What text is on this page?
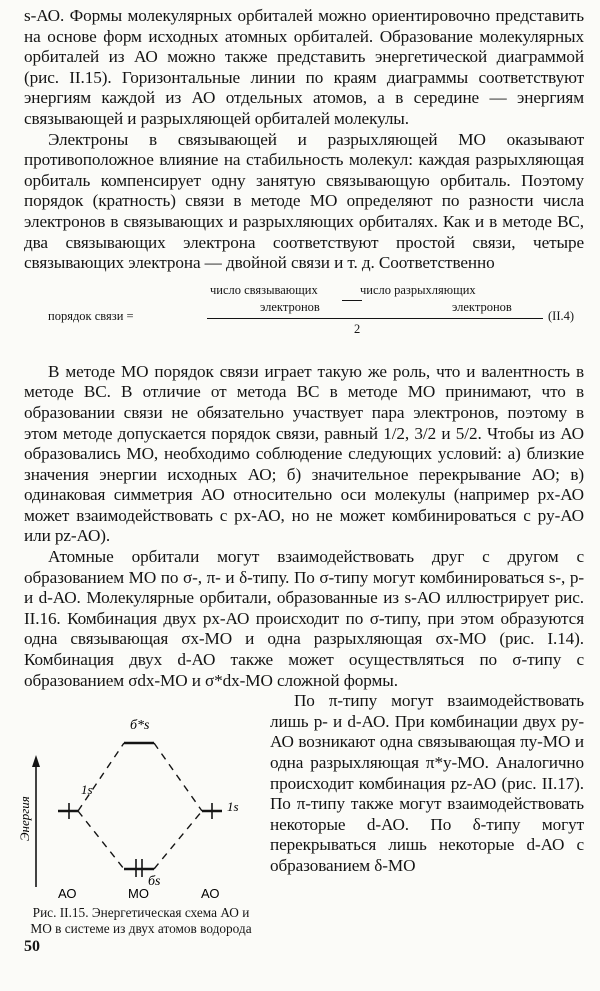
s-АО. Формы молекулярных орбиталей можно ориентировочно представить на основе форм исходных атомных орбиталей. Образование молекулярных орбиталей из АО можно также представить энергетической диаграммой (рис. II.15). Горизонтальные линии по краям диаграммы соответствуют энергиям каждой из АО отдельных атомов, а в середине — энергиям связывающей и разрыхляющей орбиталей молекулы.

Электроны в связывающей и разрыхляющей МО оказывают противоположное влияние на стабильность молекул: каждая разрыхляющая орбиталь компенсирует одну занятую связывающую орбиталь. Поэтому порядок (кратность) связи в методе МО определяют по разности числа электронов в связывающих и разрыхляющих орбиталях. Как и в методе ВС, два связывающих электрона соответствуют простой связи, четыре связывающих электрона — двойной связи и т. д. Соответственно

порядок связи =
число связывающих	число разрыхляющих
электронов	электронов
2
(II.4)

В методе МО порядок связи играет такую же роль, что и валентность в методе ВС. В отличие от метода ВС в методе МО принимают, что в образовании связи не обязательно участвует пара электронов, поэтому в этом методе допускается порядок связи, равный 1/2, 3/2 и 5/2. Чтобы из АО образовались МО, необходимо соблюдение следующих условий: а) близкие значения энергии исходных АО; б) значительное перекрывание АО; в) одинаковая симметрия АО относительно оси молекулы (например px-АО может взаимодействовать с px-АО, но не может комбинироваться с py-АО или pz-АО).

Атомные орбитали могут взаимодействовать друг с другом с образованием МО по σ-, π- и δ-типу. По σ-типу могут комбинироваться s-, p-и d-АО. Молекулярные орбитали, образованные из s-АО иллюстрирует рис. II.16. Комбинация двух px-АО происходит по σ-типу, при этом образуются одна связывающая σx-МО и одна разрыхляющая σx-МО (рис. I.14). Комбинация двух d-АО также может осуществляться по σ-типу с образованием σdx-МО и σ*dx-МО сложной формы.

Энергия
1s
1s
б*s
бs
АО	МО	АО
Рис. II.15. Энергетическая схема АО и МО в системе из двух атомов водорода

По π-типу могут взаимодействовать лишь p- и d-АО. При комбинации двух py-АО возникают одна связывающая πy-МО и одна разрыхляющая π*y-МО. Аналогично происходит комбинация pz-АО (рис. II.17). По π-типу также могут взаимодействовать некоторые d-АО. По δ-типу могут перекрываться лишь некоторые d-АО с образованием δ-МО

50
